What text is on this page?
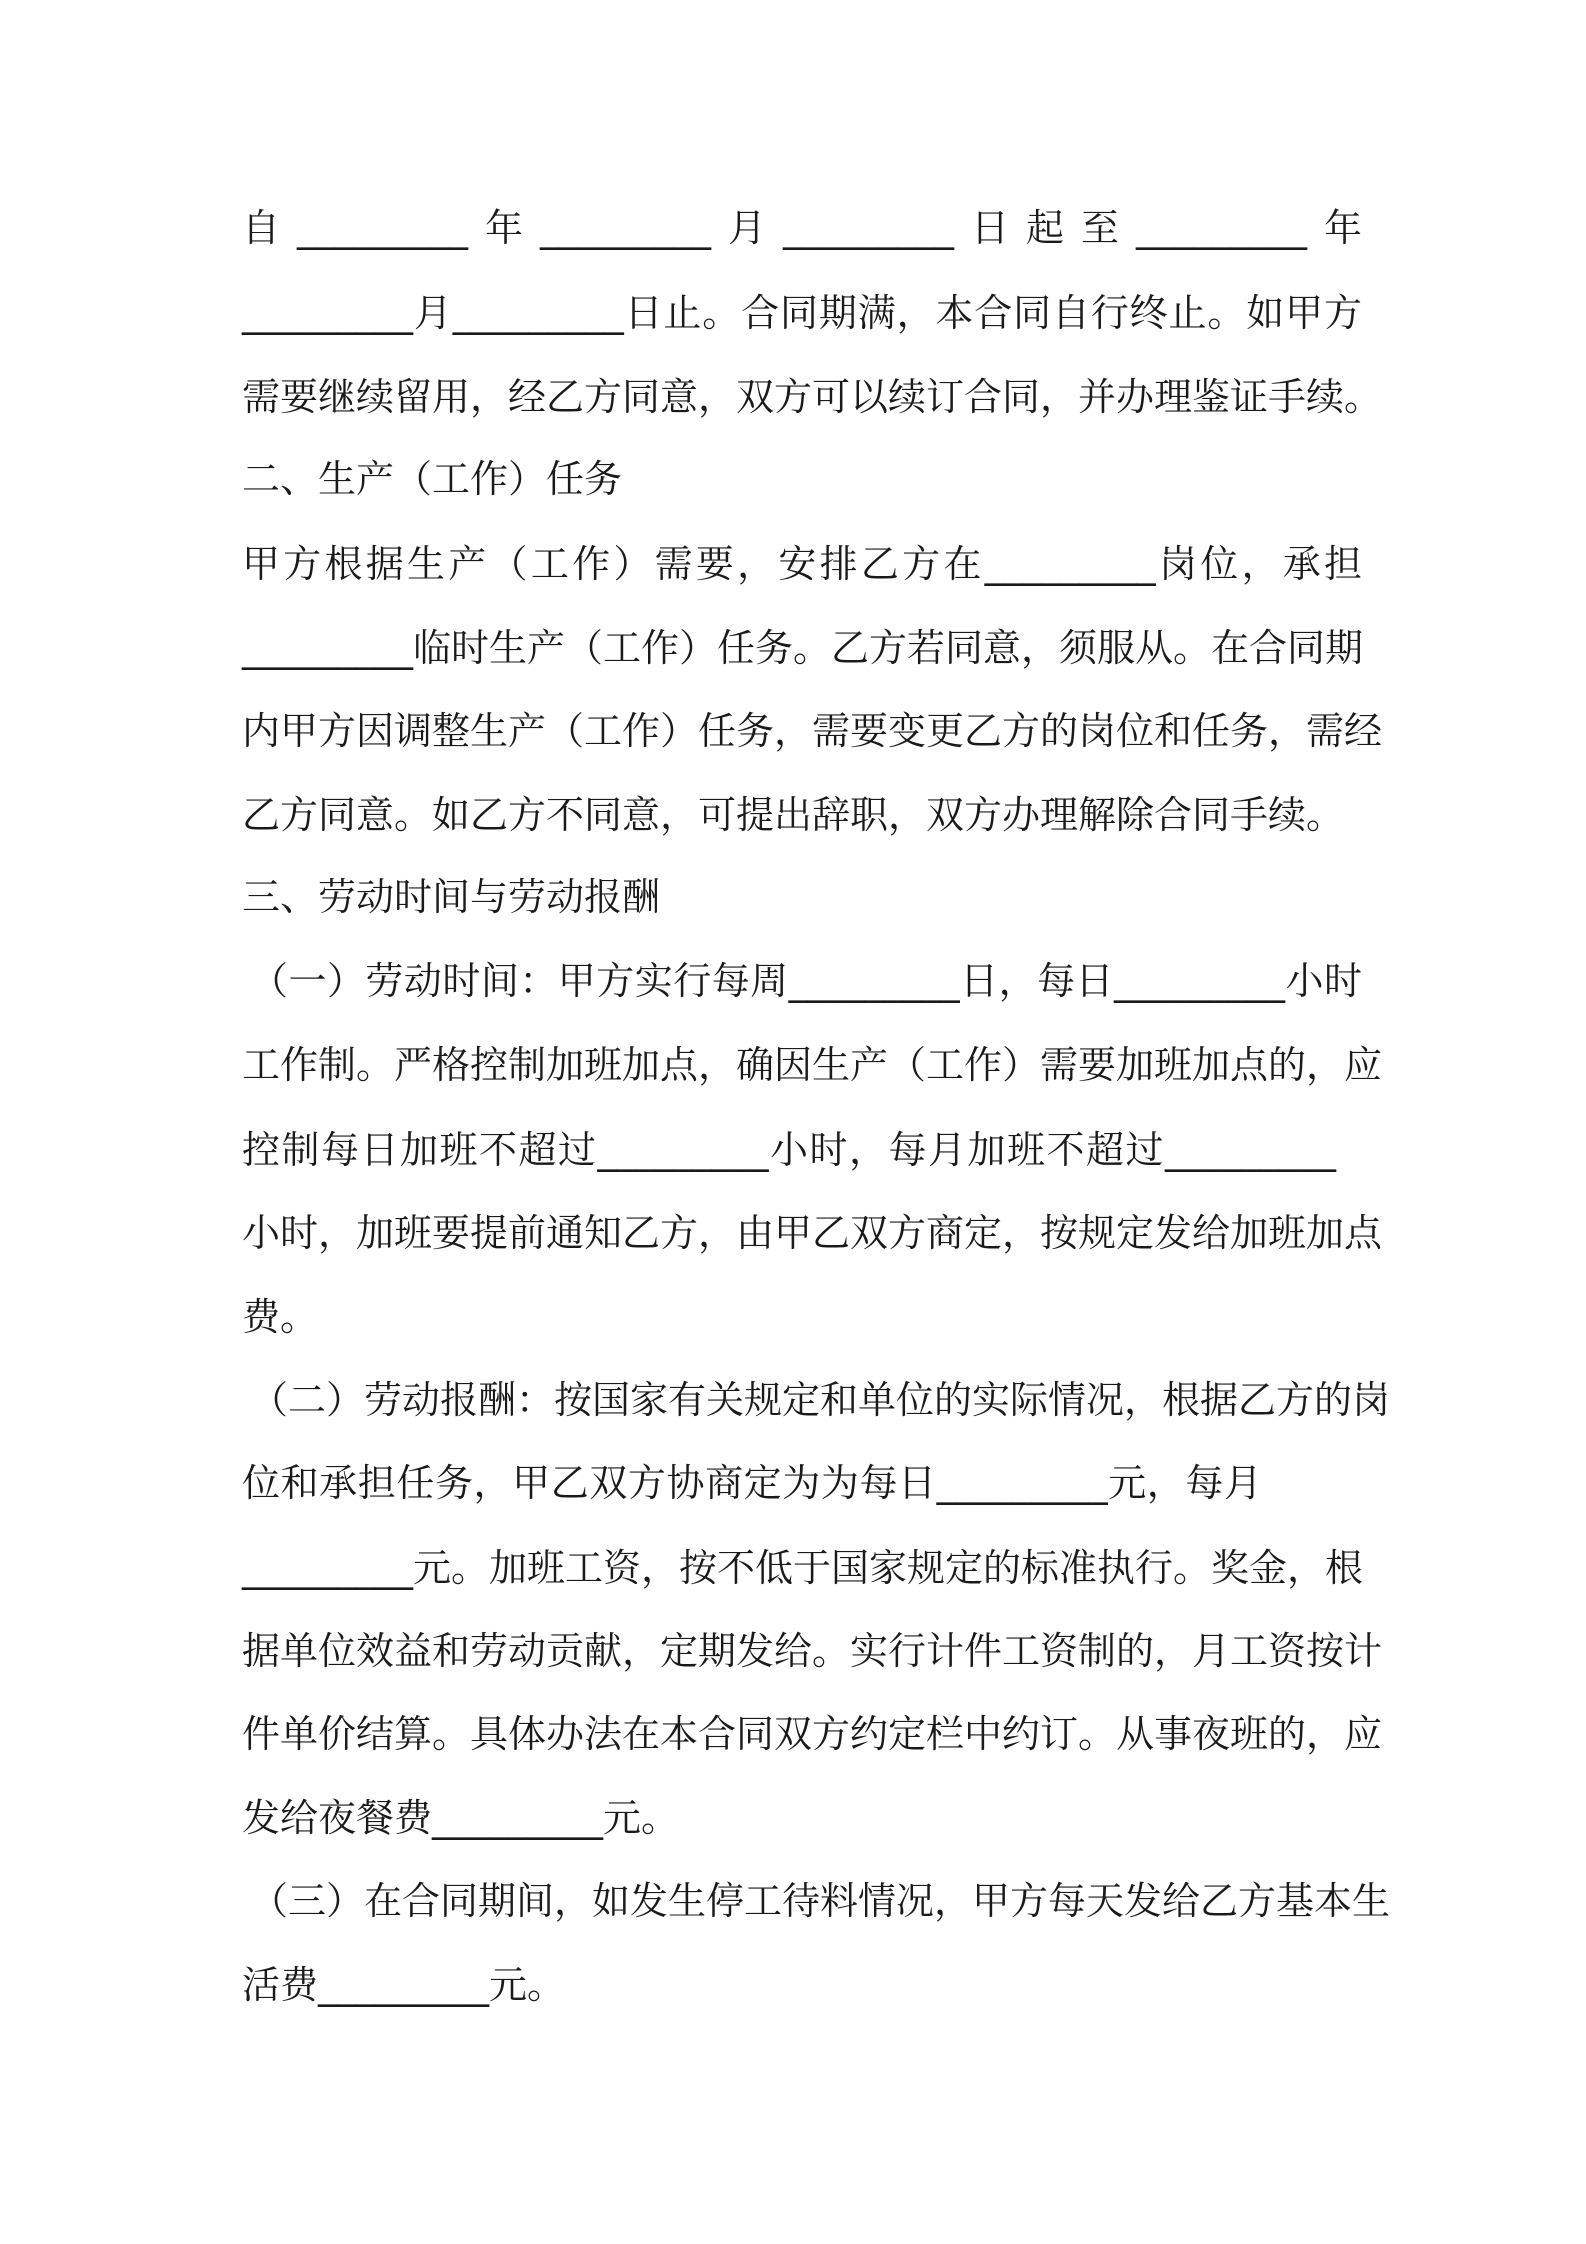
自_________年_________月_________日起至_________年
_________月_________日止。合同期满，本合同自行终止。如甲方
需要继续留用，经乙方同意，双方可以续订合同，并办理鉴证手续。
二、生产（工作）任务
甲方根据生产（工作）需要，安排乙方在_________岗位，承担
_________临时生产（工作）任务。乙方若同意，须服从。在合同期
内甲方因调整生产（工作）任务，需要变更乙方的岗位和任务，需经
乙方同意。如乙方不同意，可提出辞职，双方办理解除合同手续。
三、劳动时间与劳动报酬
（一）劳动时间：甲方实行每周_________日，每日_________小时
工作制。严格控制加班加点，确因生产（工作）需要加班加点的，应
控制每日加班不超过_________小时，每月加班不超过_________
小时，加班要提前通知乙方，由甲乙双方商定，按规定发给加班加点
费。
（二）劳动报酬：按国家有关规定和单位的实际情况，根据乙方的岗
位和承担任务，甲乙双方协商定为为每日_________元，每月
_________元。加班工资，按不低于国家规定的标准执行。奖金，根
据单位效益和劳动贡献，定期发给。实行计件工资制的，月工资按计
件单价结算。具体办法在本合同双方约定栏中约订。从事夜班的，应
发给夜餐费_________元。
（三）在合同期间，如发生停工待料情况，甲方每天发给乙方基本生
活费_________元。
